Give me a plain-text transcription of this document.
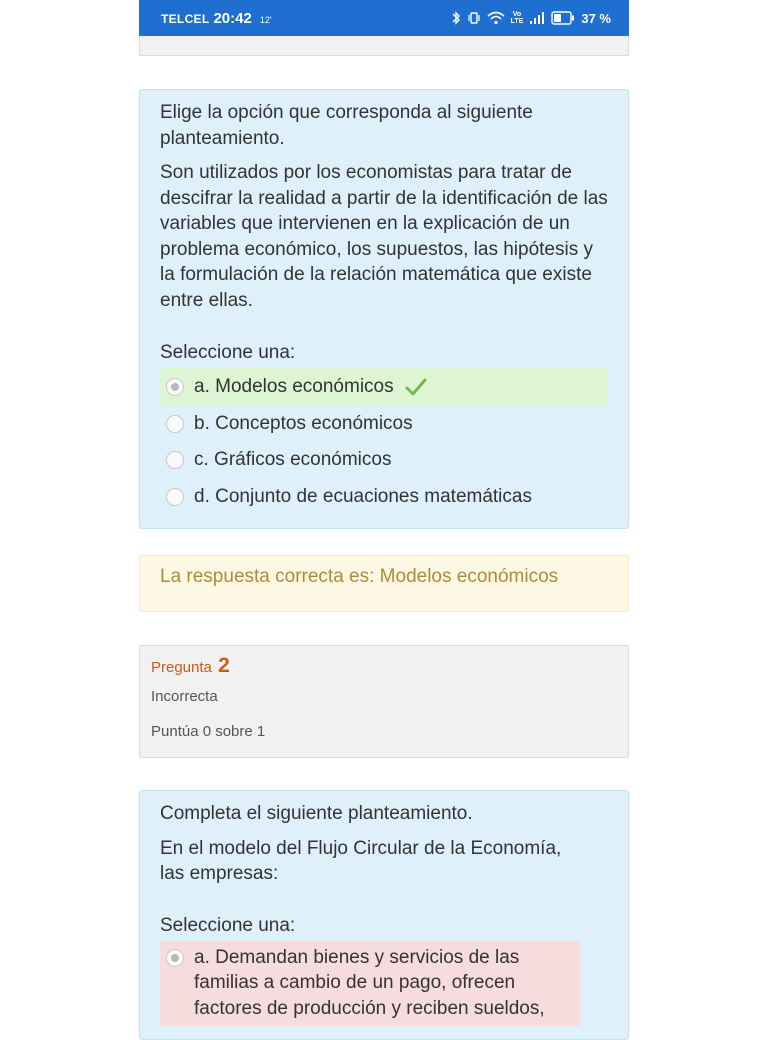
TELCEL 20:42 12'	Vo
LTE	37 %

Elige la opción que corresponda al siguiente planteamiento.

Son utilizados por los economistas para tratar de descifrar la realidad a partir de la identificación de las variables que intervienen en la explicación de un problema económico, los supuestos, las hipótesis y la formulación de la relación matemática que existe entre ellas.

Seleccione una:

a. Modelos económicos
b. Conceptos económicos
c. Gráficos económicos
d. Conjunto de ecuaciones matemáticas
La respuesta correcta es: Modelos económicos
Pregunta 2
Incorrecta
Puntúa 0 sobre 1

Completa el siguiente planteamiento.

En el modelo del Flujo Circular de la Economía, las empresas:

Seleccione una:

a. Demandan bienes y servicios de las familias a cambio de un pago, ofrecen factores de producción y reciben sueldos,
